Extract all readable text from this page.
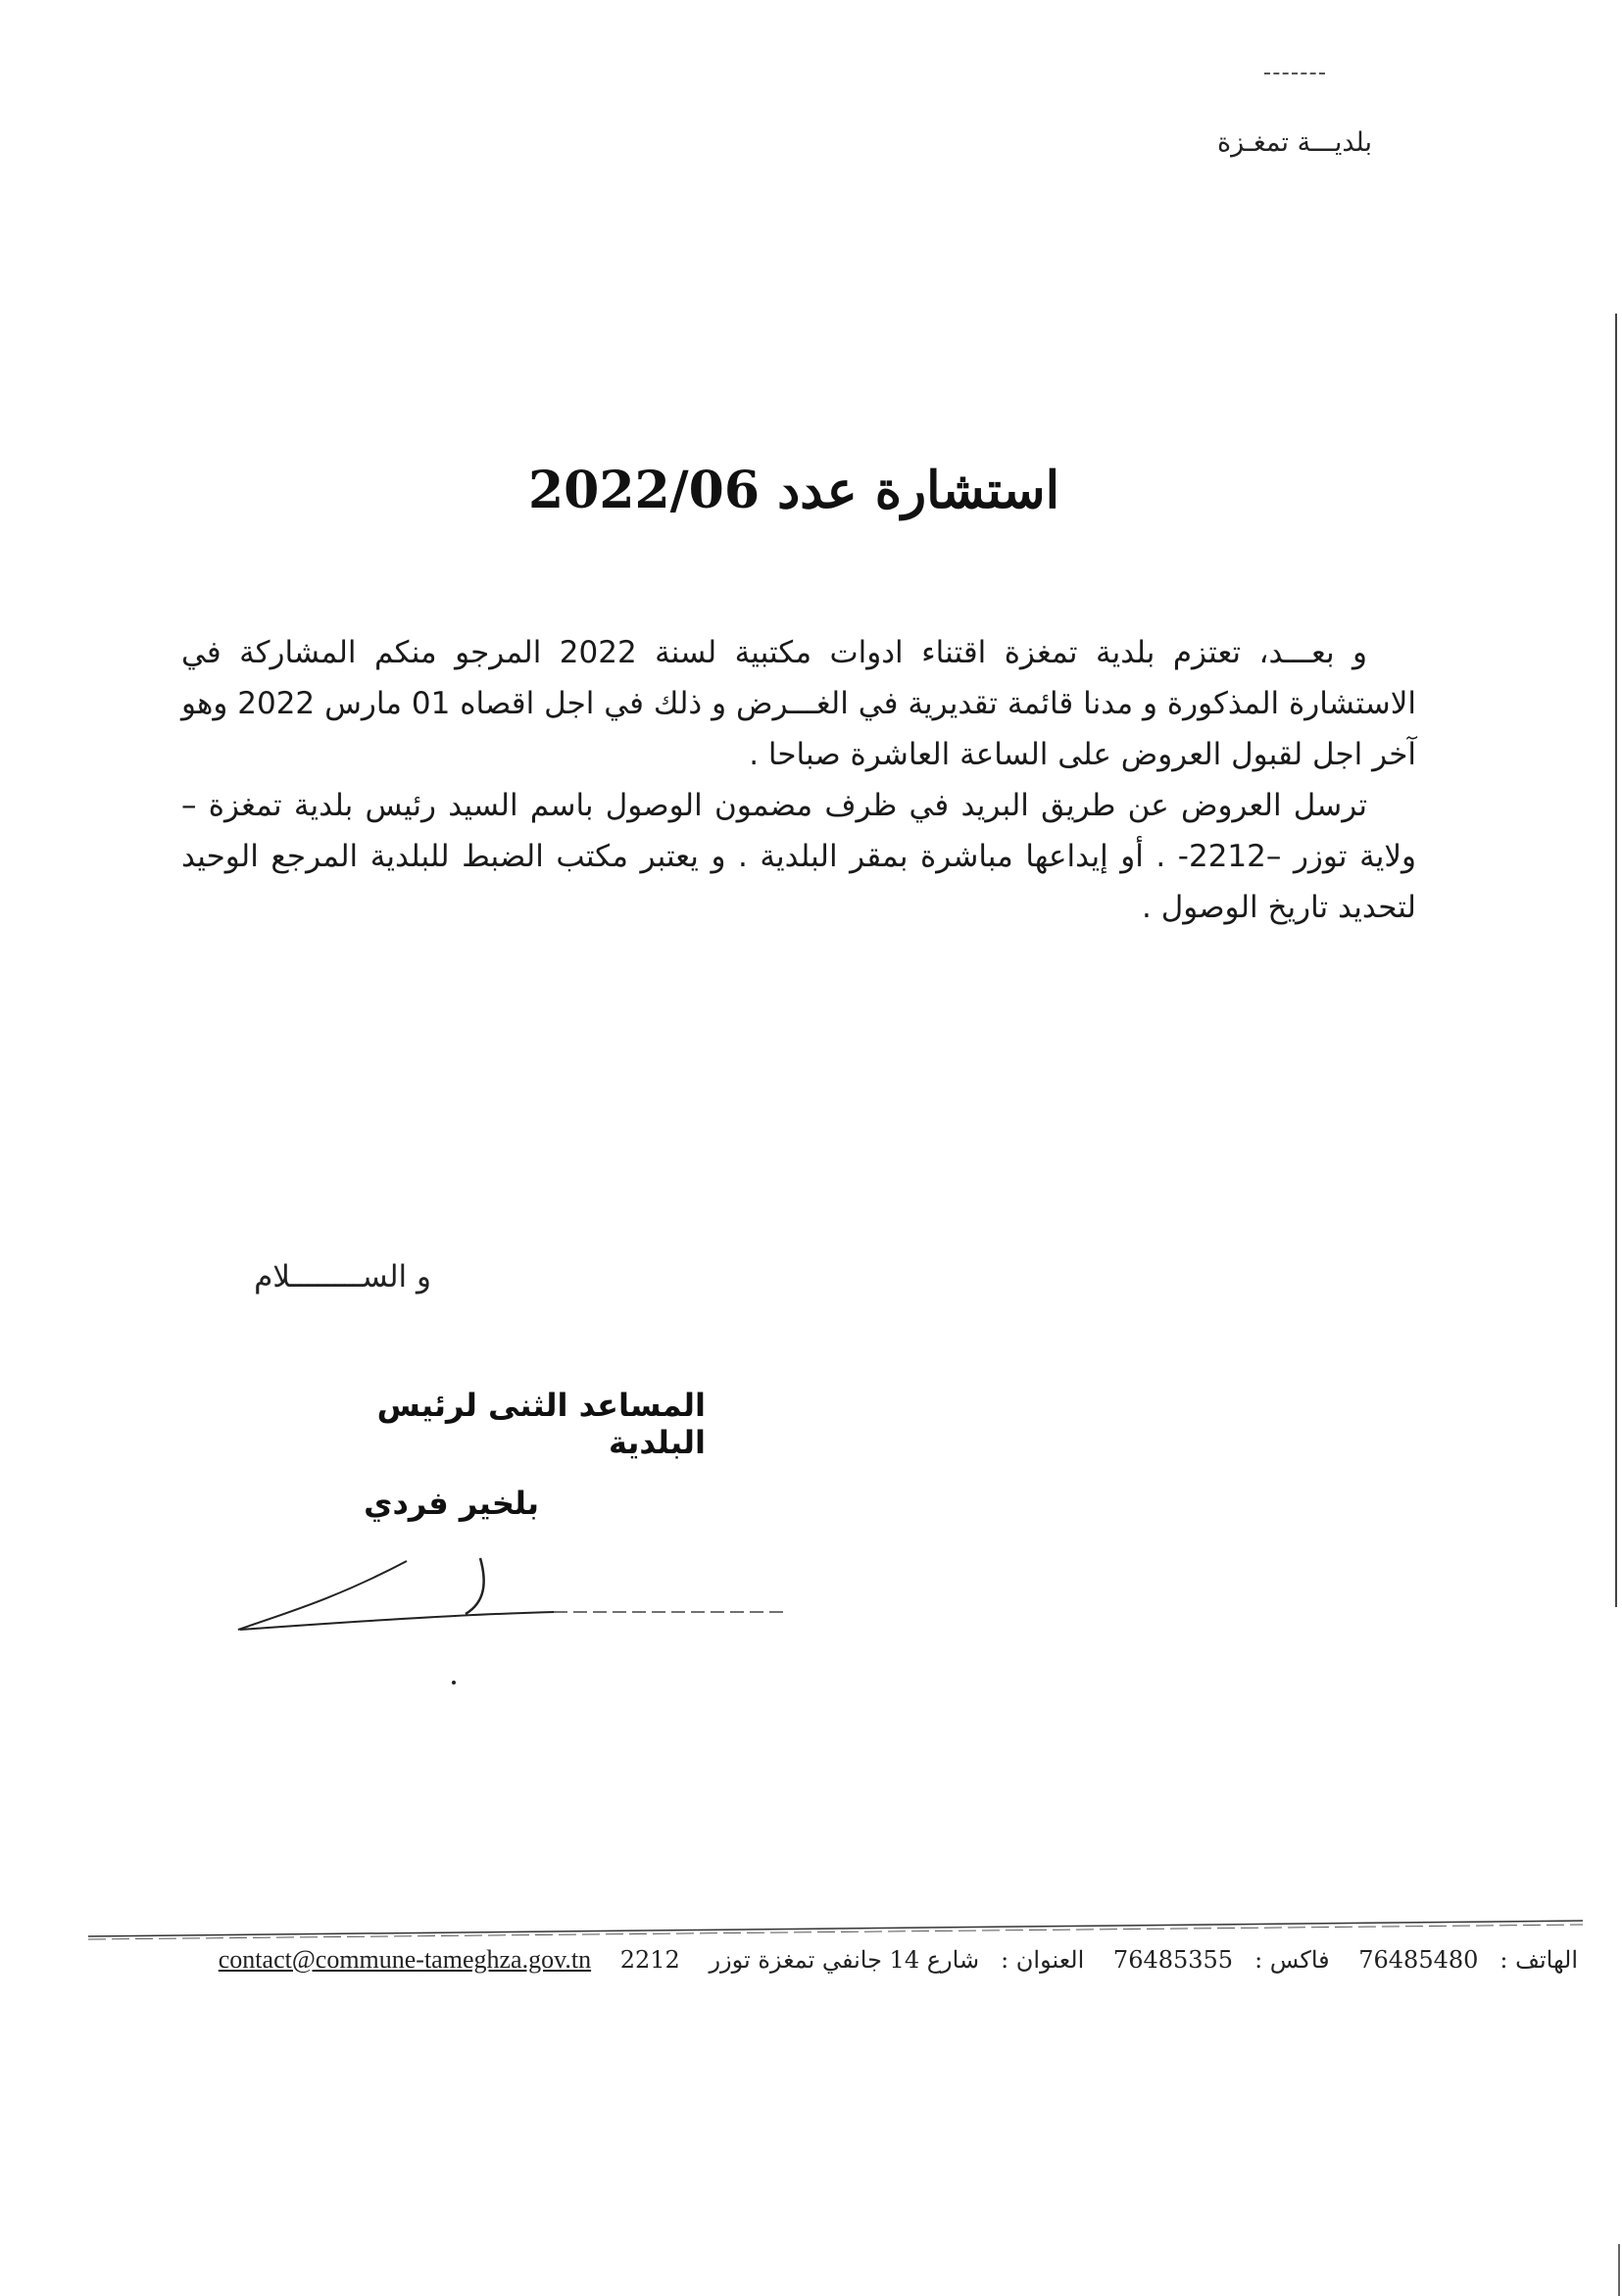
بلديـــة تمغـزة
استشارة عدد 2022/06

و بعـــد، تعتزم بلدية تمغزة اقتناء ادوات مكتبية لسنة 2022 المرجو منكم المشاركة في الاستشارة المذكورة و مدنا قائمة تقديرية في الغـــرض و ذلك في اجل اقصاه 01 مارس 2022 وهو آخر اجل لقبول العروض على الساعة العاشرة صباحا .

ترسل العروض عن طريق البريد في ظرف مضمون الوصول باسم السيد رئيس بلدية تمغزة – ولاية توزر –2212- . أو إيداعها مباشرة بمقر البلدية . و يعتبر مكتب الضبط للبلدية المرجع الوحيد لتحديد تاريخ الوصول .

و الســــــــلام
المساعد الثنى لرئيس البلدية
بلخير فردي
الهاتف :76485480 فاكس :76485355 العنوان :شارع 14 جانفي تمغزة توزر 2212 contact@commune-tameghza.gov.tn
